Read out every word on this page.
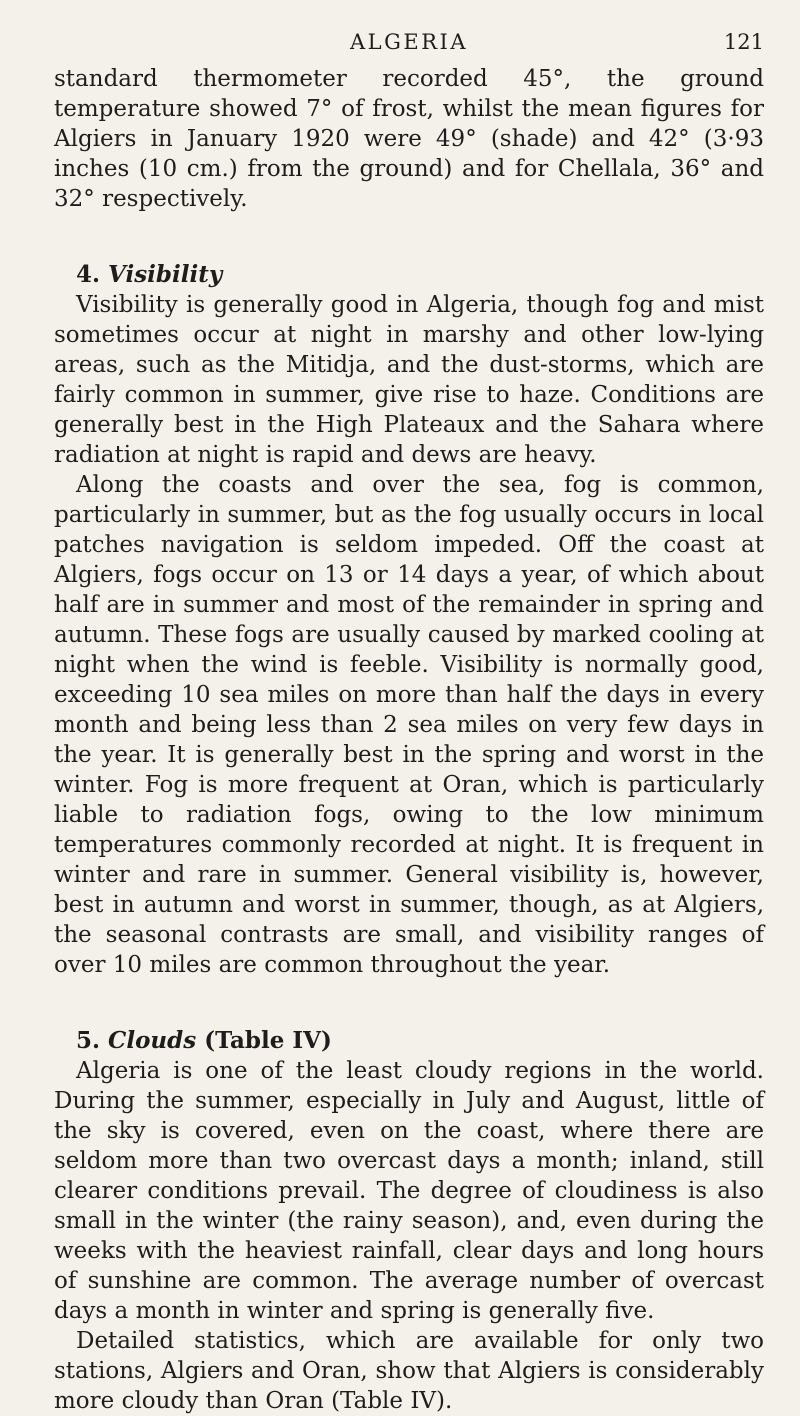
ALGERIA	121

standard thermometer recorded 45°, the ground temperature showed 7° of frost, whilst the mean figures for Algiers in January 1920 were 49° (shade) and 42° (3·93 inches (10 cm.) from the ground) and for Chellala, 36° and 32° respectively.

4. Visibility

Visibility is generally good in Algeria, though fog and mist sometimes occur at night in marshy and other low-lying areas, such as the Mitidja, and the dust-storms, which are fairly common in summer, give rise to haze. Conditions are generally best in the High Plateaux and the Sahara where radiation at night is rapid and dews are heavy.

Along the coasts and over the sea, fog is common, particularly in summer, but as the fog usually occurs in local patches navigation is seldom impeded. Off the coast at Algiers, fogs occur on 13 or 14 days a year, of which about half are in summer and most of the remainder in spring and autumn. These fogs are usually caused by marked cooling at night when the wind is feeble. Visibility is normally good, exceeding 10 sea miles on more than half the days in every month and being less than 2 sea miles on very few days in the year. It is generally best in the spring and worst in the winter. Fog is more frequent at Oran, which is particularly liable to radiation fogs, owing to the low minimum temperatures commonly recorded at night. It is frequent in winter and rare in summer. General visibility is, however, best in autumn and worst in summer, though, as at Algiers, the seasonal contrasts are small, and visibility ranges of over 10 miles are common throughout the year.

5. Clouds (Table IV)

Algeria is one of the least cloudy regions in the world. During the summer, especially in July and August, little of the sky is covered, even on the coast, where there are seldom more than two overcast days a month; inland, still clearer conditions prevail. The degree of cloudiness is also small in the winter (the rainy season), and, even during the weeks with the heaviest rainfall, clear days and long hours of sunshine are common. The average number of overcast days a month in winter and spring is generally five.

Detailed statistics, which are available for only two stations, Algiers and Oran, show that Algiers is considerably more cloudy than Oran (Table IV).
